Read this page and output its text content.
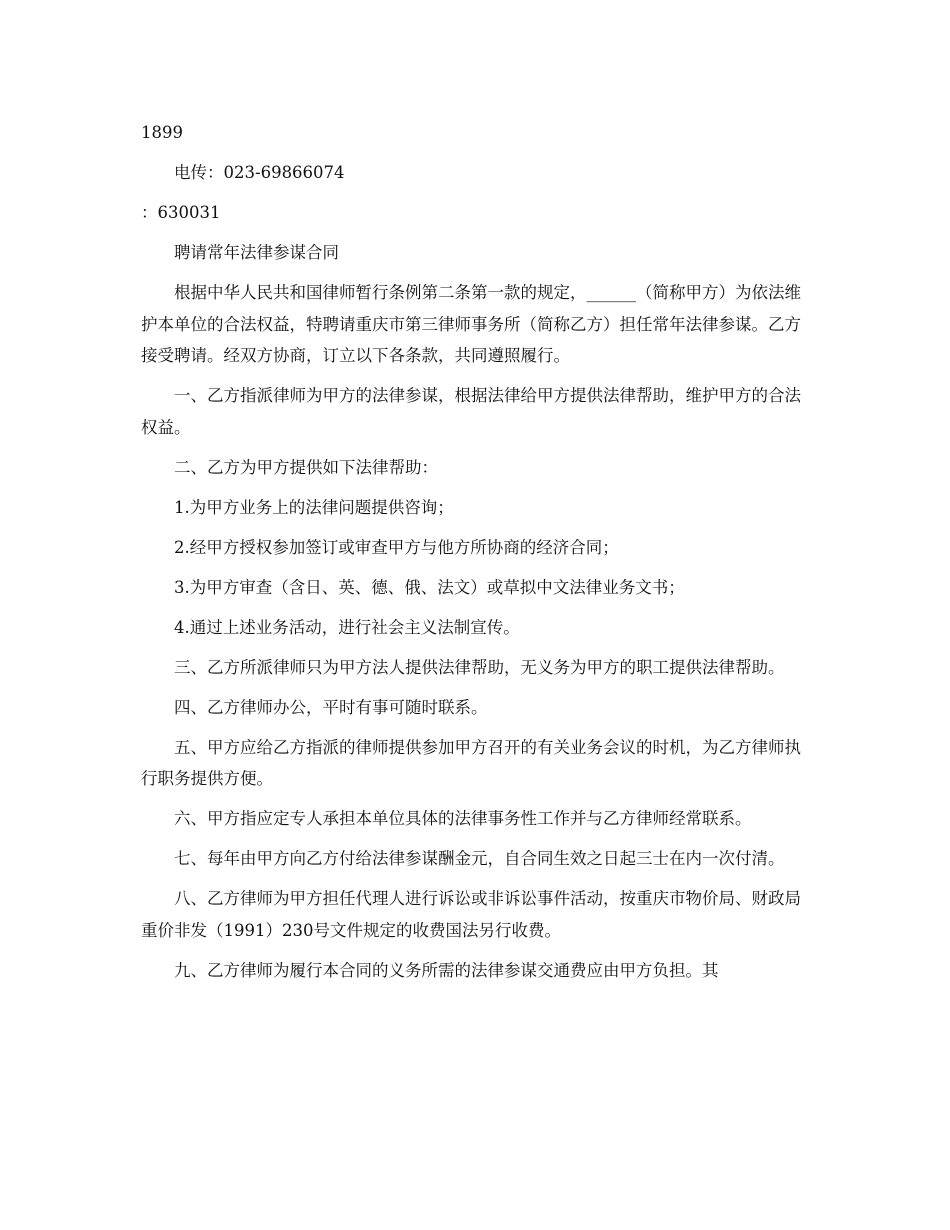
1899

电传：023-69866074

：630031

聘请常年法律参谋合同

根据中华人民共和国律师暂行条例第二条第一款的规定，______（简称甲方）为依法维护本单位的合法权益，特聘请重庆市第三律师事务所（简称乙方）担任常年法律参谋。乙方接受聘请。经双方协商，订立以下各条款，共同遵照履行。

一、乙方指派律师为甲方的法律参谋，根据法律给甲方提供法律帮助，维护甲方的合法权益。

二、乙方为甲方提供如下法律帮助：

1.为甲方业务上的法律问题提供咨询；

2.经甲方授权参加签订或审查甲方与他方所协商的经济合同；

3.为甲方审查（含日、英、德、俄、法文）或草拟中文法律业务文书；

4.通过上述业务活动，进行社会主义法制宣传。

三、乙方所派律师只为甲方法人提供法律帮助，无义务为甲方的职工提供法律帮助。

四、乙方律师办公，平时有事可随时联系。

五、甲方应给乙方指派的律师提供参加甲方召开的有关业务会议的时机，为乙方律师执行职务提供方便。

六、甲方指应定专人承担本单位具体的法律事务性工作并与乙方律师经常联系。

七、每年由甲方向乙方付给法律参谋酬金元，自合同生效之日起三士在内一次付清。

八、乙方律师为甲方担任代理人进行诉讼或非诉讼事件活动，按重庆市物价局、财政局重价非发（1991）230号文件规定的收费国法另行收费。

九、乙方律师为履行本合同的义务所需的法律参谋交通费应由甲方负担。其
